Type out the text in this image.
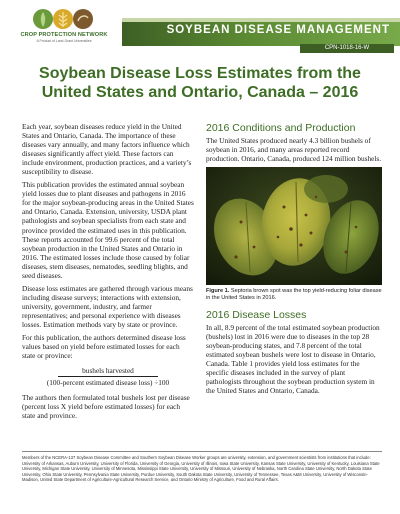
CROP PROTECTION NETWORK
A Product of Land-Grant Universities
SOYBEAN DISEASE MANAGEMENT
CPN-1018-16-W
Soybean Disease Loss Estimates from the
United States and Ontario, Canada – 2016

Each year, soybean diseases reduce yield in the United States and Ontario, Canada. The importance of these diseases vary annually, and many factors influence which diseases significantly affect yield. These factors can include environment, production practices, and a variety’s susceptibility to disease.

This publication provides the estimated annual soybean yield losses due to plant diseases and pathogens in 2016 for the major soybean-producing areas in the United States and Ontario, Canada. Extension, university, USDA plant pathologists and soybean specialists from each state and province provided the estimated uses in this publication. These reports accounted for 99.6 percent of the total soybean production in the United States and Ontario in 2016. The estimated losses include those caused by foliar diseases, stem diseases, nematodes, seedling blights, and seed diseases.

Disease loss estimates are gathered through various means including disease surveys; interactions with extension, university, government, industry, and farmer representatives; and personal experience with diseases losses. Estimation methods vary by state or province.

For this publication, the authors determined disease loss values based on yield before estimated losses for each state or province:

bushels harvested
(100-percent estimated disease loss) ÷100

The authors then formulated total bushels lost per disease (percent loss X yield before estimated losses) for each state and province.

2016 Conditions and Production

The United States produced nearly 4.3 billion bushels of soybean in 2016, and many areas reported record production. Ontario, Canada, produced 124 million bushels.

Figure 1. Septoria brown spot was the top yield-reducing foliar disease in the United States in 2016.
2016 Disease Losses

In all, 8.9 percent of the total estimated soybean production (bushels) lost in 2016 were due to diseases in the top 28 soybean-producing states, and 7.8 percent of the total estimated soybean bushels were lost to disease in Ontario, Canada. Table 1 provides yield loss estimates for the specific diseases included in the survey of plant pathologists throughout the soybean production system in the United States and Ontario, Canada.

Members of the NCERA-137 Soybean Disease Committee and Southern Soybean Disease Worker groups are university, extension, and government scientists from institutions that include: University of Arkansas, Auburn University, University of Florida, University of Georgia, University of Illinois, Iowa State University, Kansas State University, University of Kentucky, Louisiana State University, Michigan State University, University of Minnesota, Mississippi State University, University of Missouri, University of Nebraska, North Carolina State University, North Dakota State University, Ohio State University, Pennsylvania State University, Purdue University, South Dakota State University, University of Tennessee, Texas A&M University, University of Wisconsin-Madison, United State Department of Agriculture-Agricultural Research Service, and Ontario Ministry of Agriculture, Food and Rural Affairs.
